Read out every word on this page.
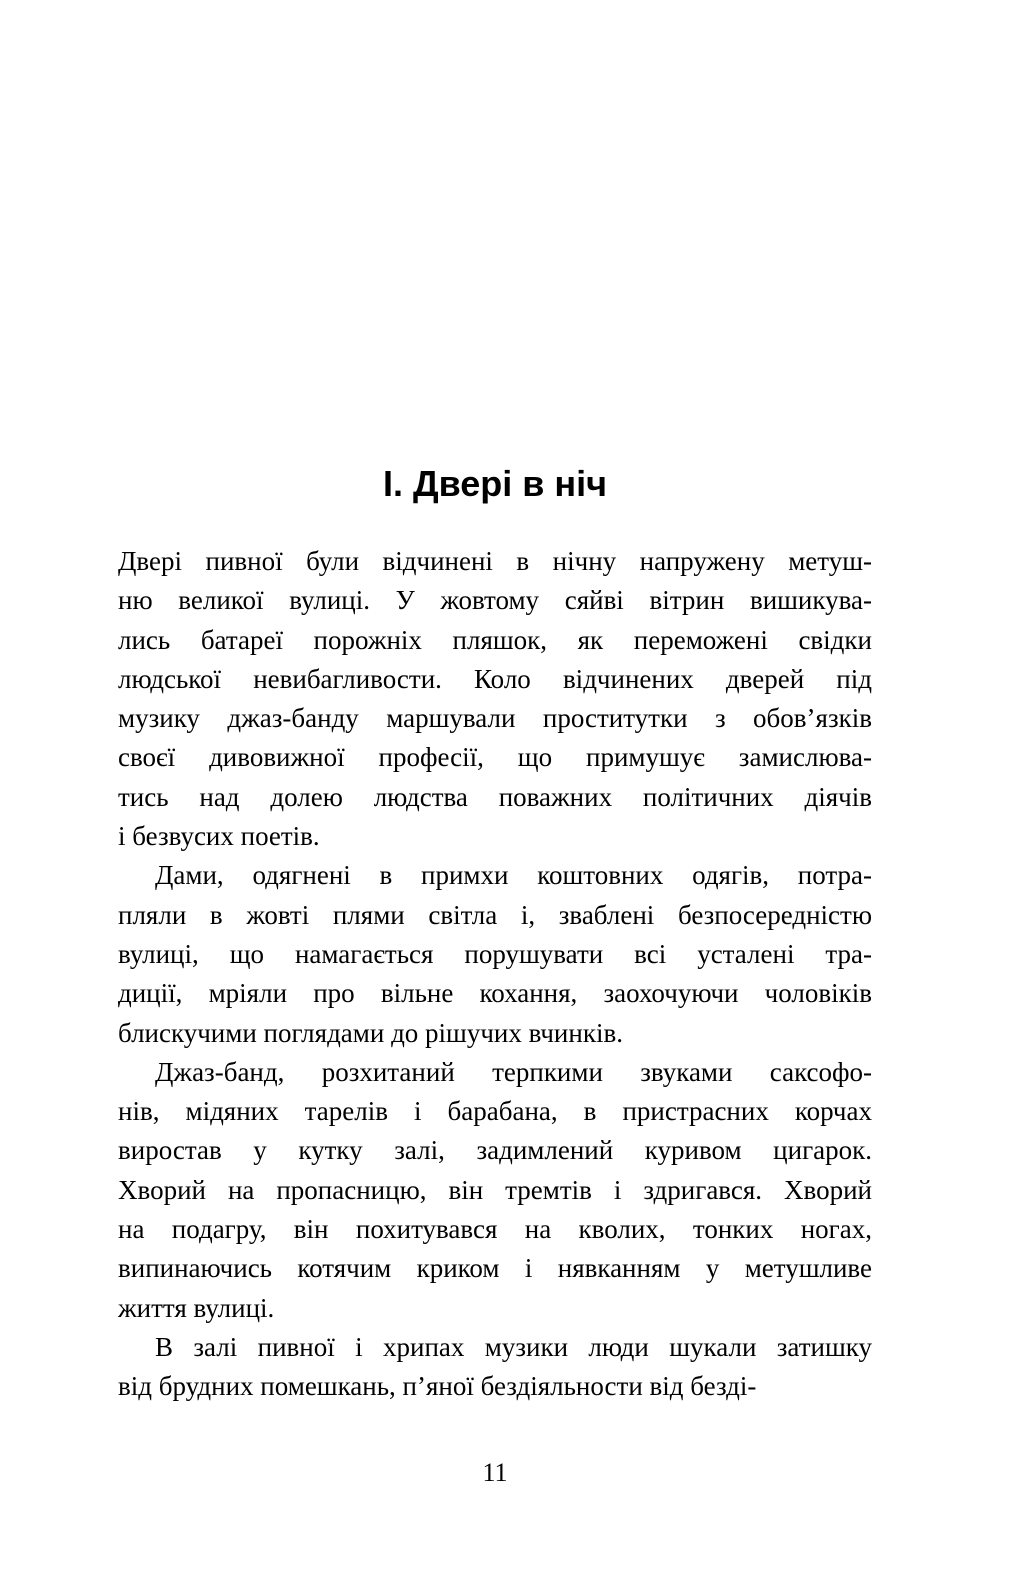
І. Двері в ніч
Двері пивної були відчинені в нічну напружену метуш-
ню великої вулиці. У жовтому сяйві вітрин вишикува-
лись батареї порожніх пляшок, як переможені свідки
людської невибагливости. Коло відчинених дверей під
музику джаз-банду маршували проститутки з обов’язків
своєї дивовижної професії, що примушує замислюва-
тись над долею людства поважних політичних діячів
і безвусих поетів.
Дами, одягнені в примхи коштовних одягів, потра-
пляли в жовті плями світла і, зваблені безпосередністю
вулиці, що намагається порушувати всі усталені тра-
диції, мріяли про вільне кохання, заохочуючи чоловіків
блискучими поглядами до рішучих вчинків.
Джаз-банд, розхитаний терпкими звуками саксофо-
нів, мідяних тарелів і барабана, в пристрасних корчах
виростав у кутку залі, задимлений куривом цигарок.
Хворий на пропасницю, він тремтів і здригався. Хворий
на подагру, він похитувався на кволих, тонких ногах,
випинаючись котячим криком і нявканням у метушливе
життя вулиці.
В залі пивної і хрипах музики люди шукали затишку
від брудних помешкань, п’яної бездіяльности від безді-
11
